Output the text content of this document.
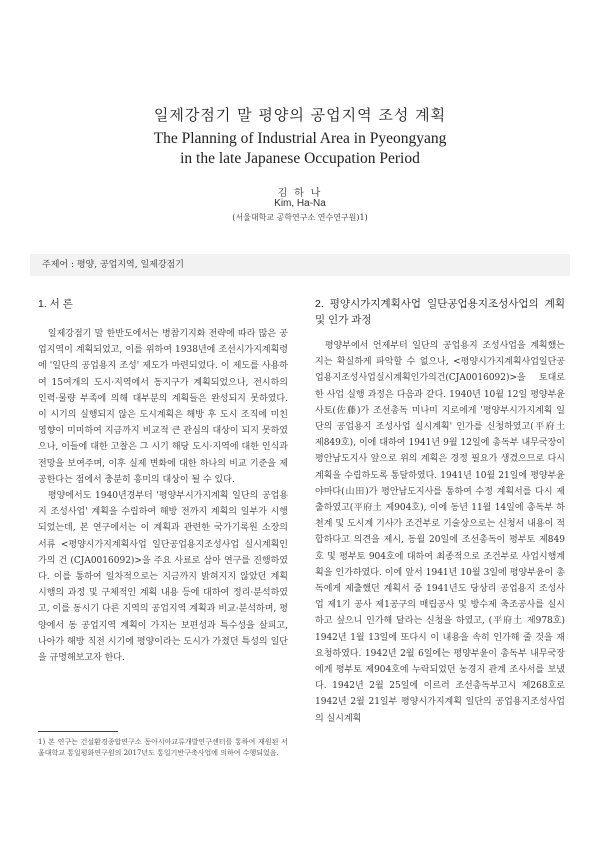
일제강점기 말 평양의 공업지역 조성 계획
The Planning of Industrial Area in Pyeongyang
in the late Japanese Occupation Period
김 하 나
Kim, Ha-Na
(서울대학교 공학연구소 연수연구원)1)
주제어 : 평양, 공업지역, 일제강점기
1. 서 론

일제강점기 말 한반도에서는 병참기지화 전략에 따라 많은 공업지역이 계획되었고, 이를 위하여 1938년에 조선시가지계획령에 '일단의 공업용지 조성' 제도가 마련되었다. 이 제도를 사용하여 15여개의 도시·지역에서 동지구가 계획되었으나, 전시하의 인력·물량 부족에 의해 대부분의 계획들은 완성되지 못하였다. 이 시기의 실행되지 않은 도시계획은 해방 후 도시 조직에 미친 영향이 미미하여 지금까지 비교적 큰 관심의 대상이 되지 못하였으나, 이들에 대한 고찰은 그 시기 해당 도시·지역에 대한 인식과 전망을 보여주며, 이후 실제 변화에 대한 하나의 비교 기준을 제공한다는 점에서 충분히 흥미의 대상이 될 수 있다.

평양에서도 1940년경부터 '평양부시가지계획 일단의 공업용지 조성사업' 계획을 수립하여 해방 전까지 계획의 일부가 시행되었는데, 본 연구에서는 이 계획과 관련한 국가기록원 소장의 서류 <평양시가지계획사업 일단공업용지조성사업 실시계획인가의 건 (CJA0016092)>을 주요 사료로 삼아 연구를 진행하였다. 이를 통하여 일차적으로는 지금까지 밝혀지지 않았던 계획 시행의 과정 및 구체적인 계획 내용 등에 대하여 정리·분석하였고, 이를 동시기 다른 지역의 공업지역 계획과 비교·분석하며, 평양에서 동 공업지역 계획이 가지는 보편성과 특수성을 살피고, 나아가 해방 직전 시기에 평양이라는 도시가 가졌던 특성의 일단을 규명해보고자 한다.

2. 평양시가지계획사업 일단공업용지조성사업의 계획 및 인가 과정

평양부에서 언제부터 일단의 공업용지 조성사업을 계획했는지는 확실하게 파악할 수 없으나, <평양시가지계획사업일단공업용지조성사업실시계획인가의건(CJA0016092)>을 토대로 한 사업 실행 과정은 다음과 같다. 1940년 10월 12일 평양부윤 사토(佐藤)가 조선총독 미나미 지로에게 '평양부시가지계획 일단의 공업용지 조성사업 실시계획' 인가를 신청하였고(平府土 제849호), 이에 대하여 1941년 9월 12일에 총독부 내무국장이 평안남도지사 앞으로 위의 계획은 경정 필요가 생겼으므로 다시 계획을 수립하도록 통달하였다. 1941년 10월 21일에 평양부윤 야마다(山田)가 평안남도지사를 통하여 수정 계획서를 다시 제출하였고(平府土 제904호), 이에 동년 11월 14일에 총독부 하천계 및 도시계 기사가 조건부로 기술상으로는 신청서 내용이 적합하다고 의견을 제시, 동월 20일에 조선총독이 평부토 제849호 및 평부토 904호에 대하여 최종적으로 조건부로 사업시행계획을 인가하였다. 이에 앞서 1941년 10월 3일에 평양부윤이 총독에게 제출했던 계획서 중 1941년도 당상리 공업용지 조성사업 제1기 공사 제1공구의 매립공사 및 방수제 축조공사를 실시하고 싶으니 인가해 달라는 신청을 하였고, (平府土 제978호) 1942년 1월 13일에 또다시 이 내용을 속히 인가해 줄 것을 재요청하였다. 1942년 2월 6일에는 평양부윤이 총독부 내무국장에게 평부토 제904호에 누락되었던 농경지 관계 조사서를 보냈다. 1942년 2월 25일에 이르러 조선총독부고시 제268호로 1942년 2월 21일부 평양시가지계획 일단의 공업용지조성사업의 실시계획

1) 본 연구는 건설환경종합연구소 동아시아교류개발연구센터를 통하여 재원된 서울대학교 통일평화연구원의 2017년도 통일기반구축사업에 의하여 수행되었음.
